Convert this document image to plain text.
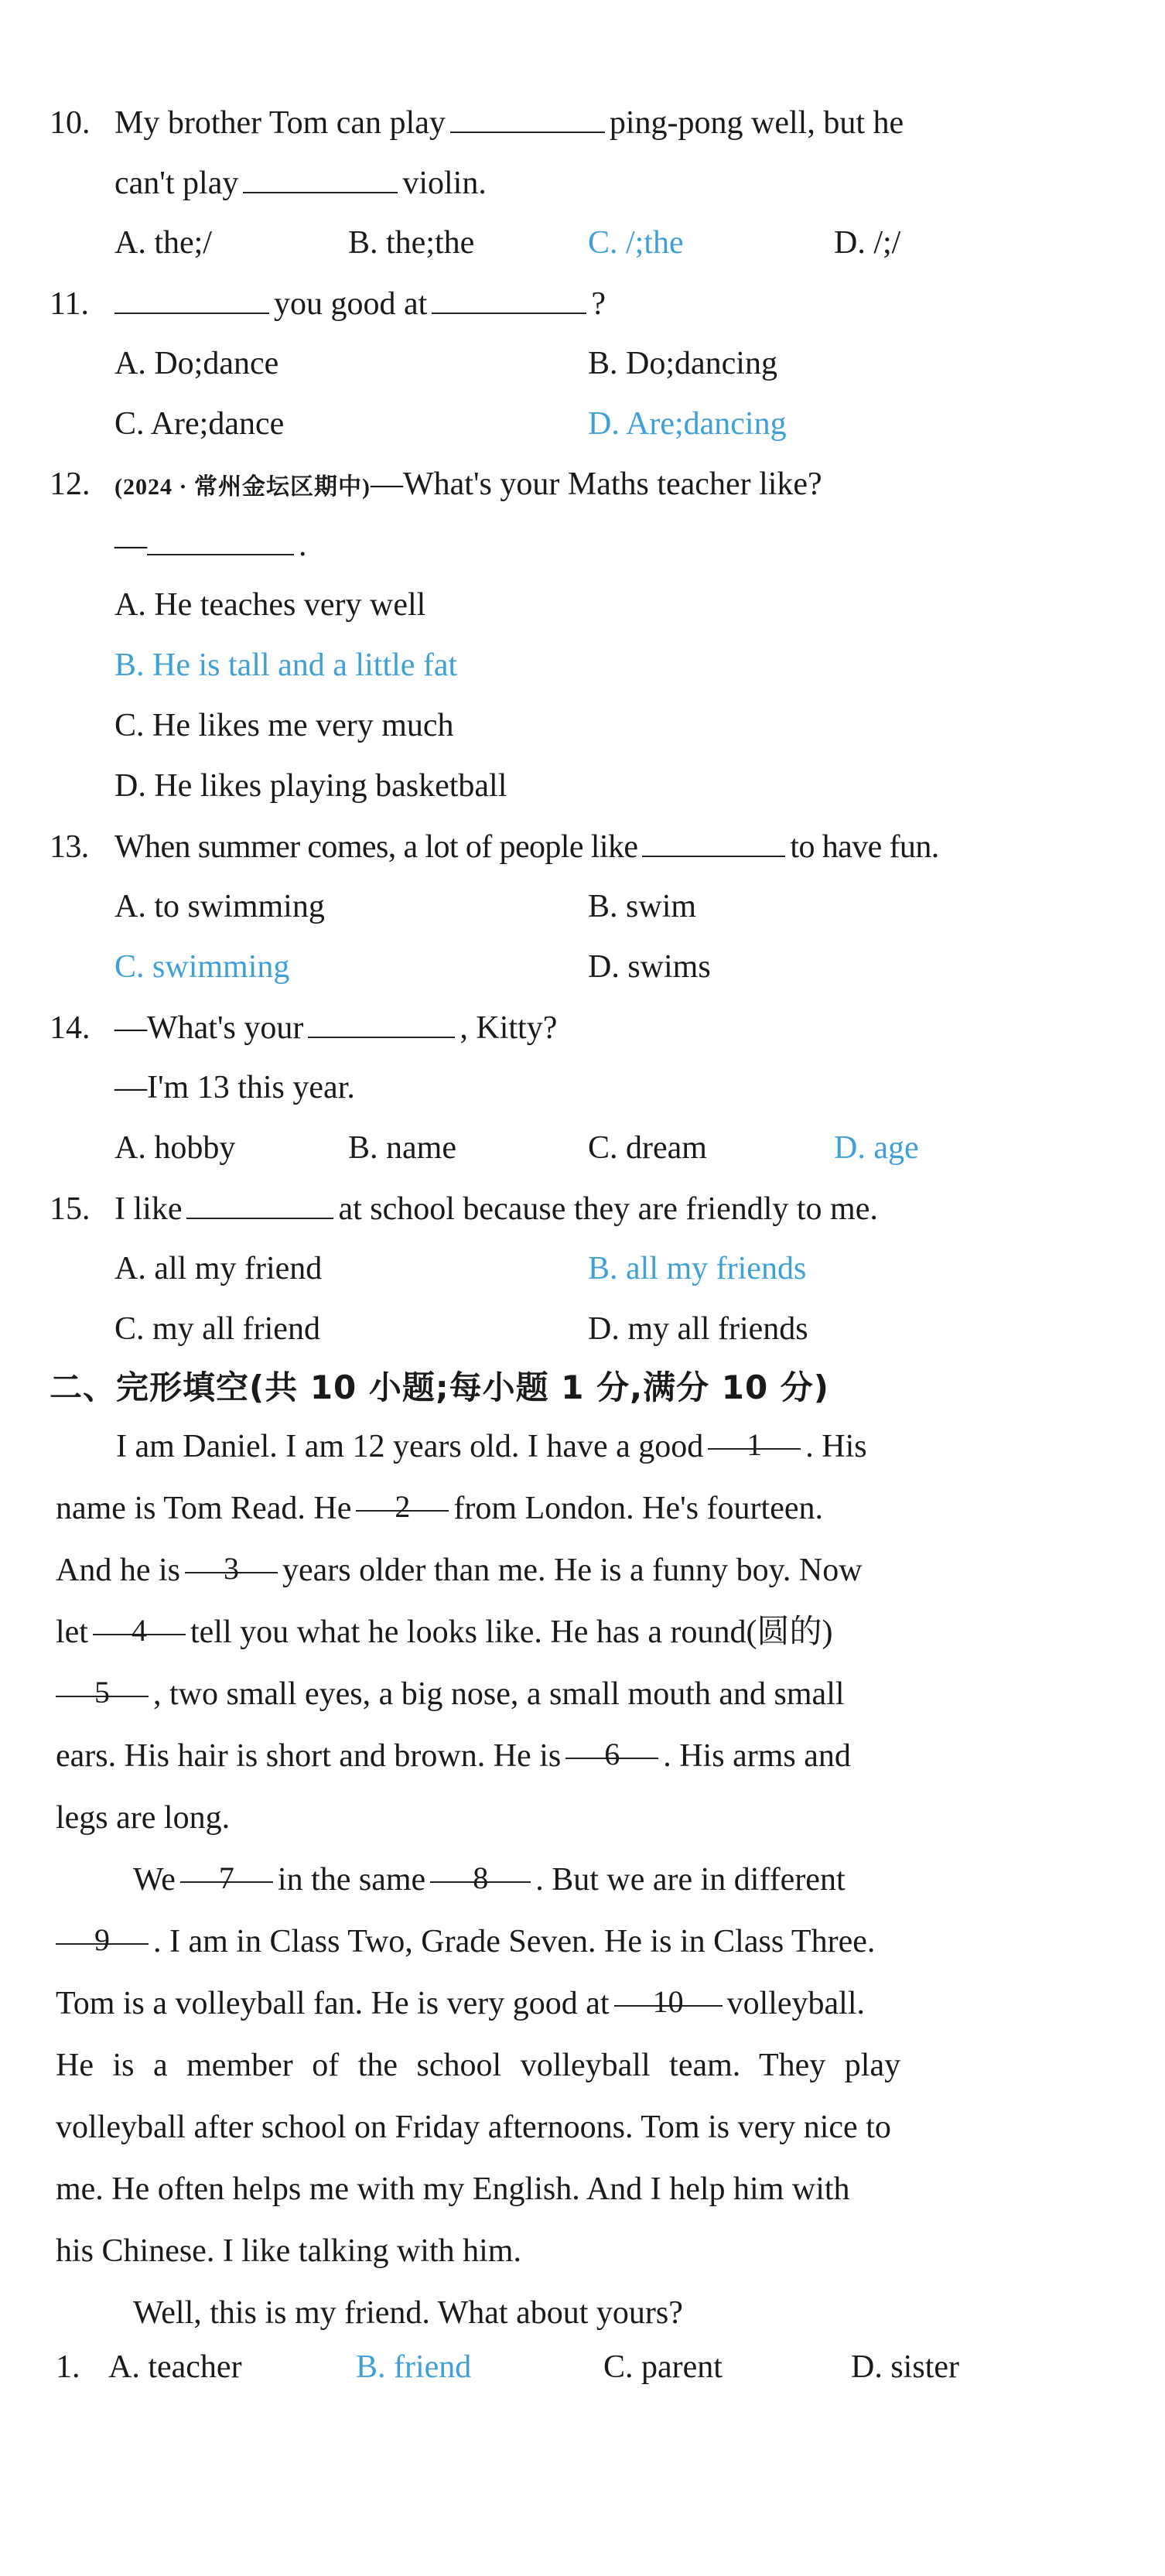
10. My brother Tom can play	ping-pong well, but he
can't play	violin.
A. the;/	B. the;the	C. /;the	D. /;/
11.	you good at	?
A. Do;dance	B. Do;dancing
C. Are;dance	D. Are;dancing
12. (2024 · 常州金坛区期中)—What's your Maths teacher like?
—	.
A. He teaches very well
B. He is tall and a little fat
C. He likes me very much
D. He likes playing basketball
13. When summer comes, a lot of people like	to have fun.
A. to swimming	B. swim
C. swimming	D. swims
14. —What's your	, Kitty?
—I'm 13 this year.
A. hobby	B. name	C. dream	D. age
15. I like	at school because they are friendly to me.
A. all my friend	B. all my friends
C. my all friend	D. my all friends
二、完形填空(共 10 小题;每小题 1 分,满分 10 分)
I am Daniel. I am 12 years old. I have a good 1 . His
name is Tom Read. He 2 from London. He's fourteen.
And he is 3 years older than me. He is a funny boy. Now
let 4 tell you what he looks like. He has a round(圆的)
5 , two small eyes, a big nose, a small mouth and small
ears. His hair is short and brown. He is 6 . His arms and
legs are long.
We 7 in the same 8 . But we are in different
9 . I am in Class Two, Grade Seven. He is in Class Three.
Tom is a volleyball fan. He is very good at 10 volleyball.
He is a member of the school volleyball team. They play
volleyball after school on Friday afternoons. Tom is very nice to
me. He often helps me with my English. And I help him with
his Chinese. I like talking with him.
Well, this is my friend. What about yours?
1. A. teacher	B. friend	C. parent	D. sister
